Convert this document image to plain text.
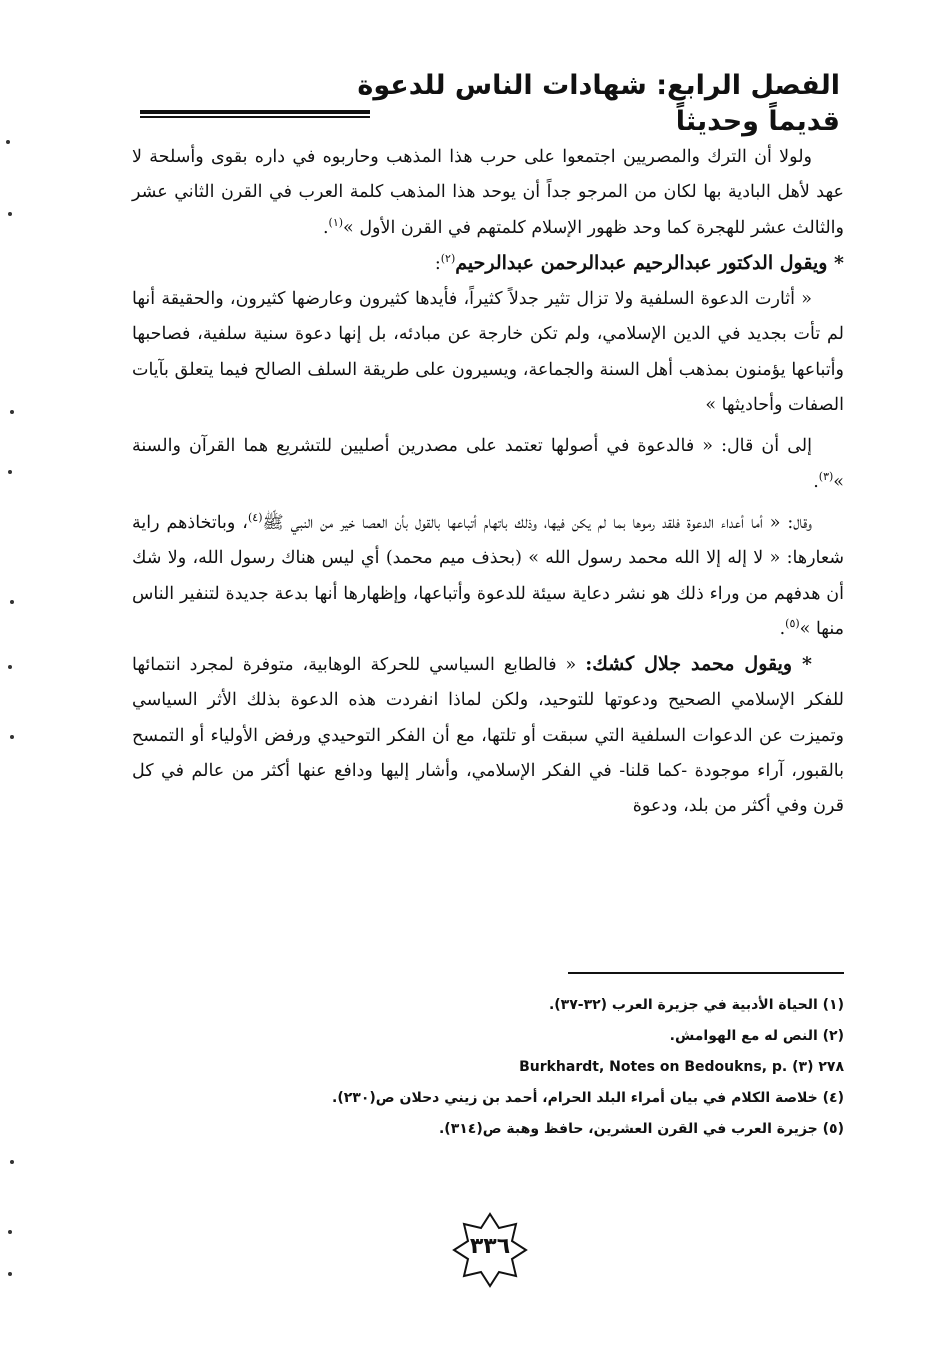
الفصل الرابع: شهادات الناس للدعوة قديماً وحديثاً

ولولا أن الترك والمصريين اجتمعوا على حرب هذا المذهب وحاربوه في داره بقوى وأسلحة لا عهد لأهل البادية بها لكان من المرجو جداً أن يوحد هذا المذهب كلمة العرب في القرن الثاني عشر والثالث عشر للهجرة كما وحد ظهور الإسلام كلمتهم في القرن الأول »$^{(١)}$.

* ويقول الدكتور عبدالرحيم عبدالرحمن عبدالرحيم$^{(٢)}$:

« أثارت الدعوة السلفية ولا تزال تثير جدلاً كثيراً، فأيدها كثيرون وعارضها كثيرون، والحقيقة أنها لم تأت بجديد في الدين الإسلامي، ولم تكن خارجة عن مبادئه، بل إنها دعوة سنية سلفية، فصاحبها وأتباعها يؤمنون بمذهب أهل السنة والجماعة، ويسيرون على طريقة السلف الصالح فيما يتعلق بآيات الصفات وأحاديثها »

إلى أن قال: « فالدعوة في أصولها تعتمد على مصدرين أصليين للتشريع هما القرآن والسنة »$^{(٣)}$.

وقال: « أما أعداء الدعوة فلقد رموها بما لم يكن فيها، وذلك باتهام أتباعها بالقول بأن العصا خير من النبي ﷺ$^{(٤)}$، وباتخاذهم راية شعارها: « لا إله إلا الله محمد رسول الله » (بحذف ميم محمد) أي ليس هناك رسول الله، ولا شك أن هدفهم من وراء ذلك هو نشر دعاية سيئة للدعوة وأتباعها، وإظهارها أنها بدعة جديدة لتنفير الناس منها »$^{(٥)}$.

* ويقول محمد جلال كشك: « فالطابع السياسي للحركة الوهابية، متوفرة لمجرد انتمائها للفكر الإسلامي الصحيح ودعوتها للتوحيد، ولكن لماذا انفردت هذه الدعوة بذلك الأثر السياسي وتميزت عن الدعوات السلفية التي سبقت أو تلتها، مع أن الفكر التوحيدي ورفض الأولياء أو التمسح بالقبور، آراء موجودة -كما قلنا- في الفكر الإسلامي، وأشار إليها ودافع عنها أكثر من عالم في كل قرن وفي أكثر من بلد، ودعوة

(١) الحياة الأدبية في جزيرة العرب (٣٢-٣٧).
(٢) النص له مع الهوامش.
Burkhardt, Notes on Bedoukns, p. ٢٧٨ (٣)
(٤) خلاصة الكلام في بيان أمراء البلد الحرام، أحمد بن زيني دحلان ص(٢٣٠).
(٥) جزيرة العرب في القرن العشرين، حافظ وهبة ص(٣١٤).
٣٣٦
